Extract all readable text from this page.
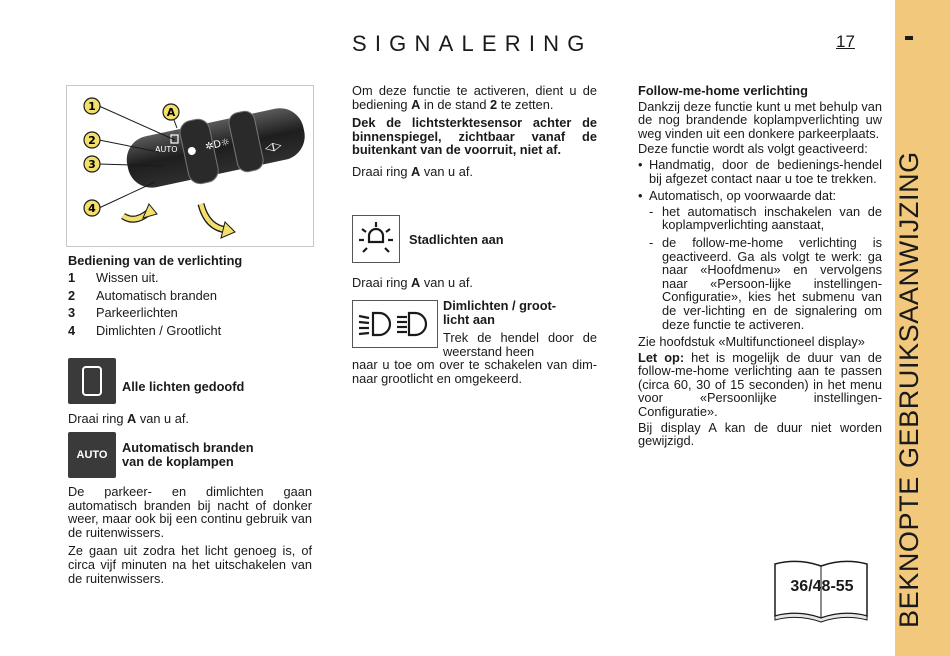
SIGNALERING	17
BEKNOPTE GEBRUIKSAANWIJZING
✲D☼	◁▷
AUTO
1	A
2
3
4
Bediening van de verlichting
1 Wissen uit.
2 Automatisch branden
3 Parkeerlichten
4 Dimlichten / Grootlicht
Alle lichten gedoofd
Draai ring A van u af.
AUTO Automatisch branden
van de koplampen

De parkeer- en dimlichten gaan automatisch branden bij nacht of donker weer, maar ook bij een continu gebruik van de ruitenwissers.

Ze gaan uit zodra het licht genoeg is, of circa vijf minuten na het uitschakelen van de ruitenwissers.

Om deze functie te activeren, dient u de bediening A in de stand 2 te zetten.

Dek de lichtsterktesensor achter de binnenspiegel, zichtbaar vanaf de buitenkant van de voorruit, niet af.

Draai ring A van u af.

Stadlichten aan
Draai ring A van u af.
Dimlichten / groot-
licht aan

Trek de hendel door de weerstand heen

naar u toe om over te schakelen van dim- naar grootlicht en omgekeerd.

Follow-me-home verlichting

Dankzij deze functie kunt u met behulp van de nog brandende koplampverlichting uw weg vinden uit een donkere parkeerplaats.

Deze functie wordt als volgt geactiveerd:

• Handmatig, door de bedienings-hendel bij afgezet contact naar u toe te trekken.
• Automatisch, op voorwaarde dat:
- het automatisch inschakelen van de koplampverlichting aanstaat,
- de follow-me-home verlichting is geactiveerd. Ga als volgt te werk: ga naar «Hoofdmenu» en vervolgens naar «Persoon-lijke instellingen-Configuratie», kies het submenu van de ver-lichting en de signalering om deze functie te activeren.

Zie hoofdstuk «Multifunctioneel display»

Let op: het is mogelijk de duur van de follow-me-home verlichting aan te passen (circa 60, 30 of 15 seconden) in het menu voor «Persoonlijke instellingen-Configuratie».

Bij display A kan de duur niet worden gewijzigd.

36/48-55
